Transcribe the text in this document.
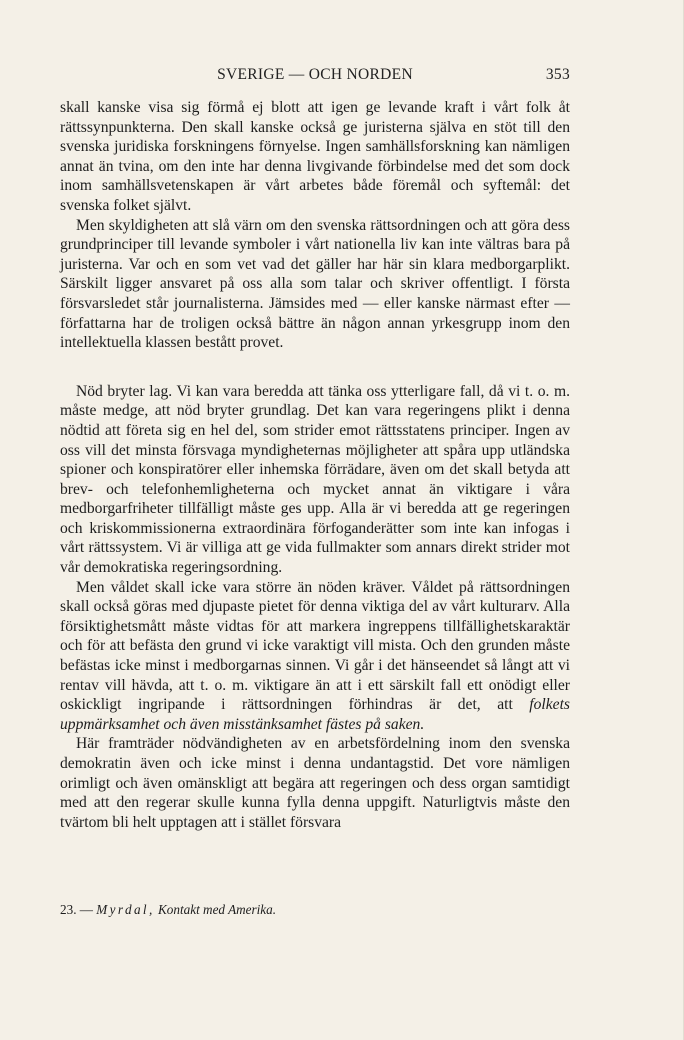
SVERIGE — OCH NORDEN	353

skall kanske visa sig förmå ej blott att igen ge levande kraft i vårt folk åt rättssynpunkterna. Den skall kanske också ge juristerna själva en stöt till den svenska juridiska forskningens förnyelse. Ingen samhällsforskning kan nämligen annat än tvina, om den inte har denna livgivande förbindelse med det som dock inom samhällsvetenskapen är vårt arbetes både föremål och syftemål: det svenska folket självt.

Men skyldigheten att slå värn om den svenska rättsordningen och att göra dess grundprinciper till levande symboler i vårt nationella liv kan inte vältras bara på juristerna. Var och en som vet vad det gäller har här sin klara medborgarplikt. Särskilt ligger ansvaret på oss alla som talar och skriver offentligt. I första försvarsledet står journalisterna. Jämsides med — eller kanske närmast efter — författarna har de troligen också bättre än någon annan yrkesgrupp inom den intellektuella klassen bestått provet.

Nöd bryter lag. Vi kan vara beredda att tänka oss ytterligare fall, då vi t. o. m. måste medge, att nöd bryter grundlag. Det kan vara regeringens plikt i denna nödtid att företa sig en hel del, som strider emot rättsstatens principer. Ingen av oss vill det minsta försvaga myndigheternas möjligheter att spåra upp utländska spioner och konspiratörer eller inhemska förrädare, även om det skall betyda att brev- och telefonhemligheterna och mycket annat än viktigare i våra medborgarfriheter tillfälligt måste ges upp. Alla är vi beredda att ge regeringen och kriskommissionerna extraordinära förfoganderätter som inte kan infogas i vårt rättssystem. Vi är villiga att ge vida fullmakter som annars direkt strider mot vår demokratiska regeringsordning.

Men våldet skall icke vara större än nöden kräver. Våldet på rättsordningen skall också göras med djupaste pietet för denna viktiga del av vårt kulturarv. Alla försiktighetsmått måste vidtas för att markera ingreppens tillfällighetskaraktär och för att befästa den grund vi icke varaktigt vill mista. Och den grunden måste befästas icke minst i medborgarnas sinnen. Vi går i det hänseendet så långt att vi rentav vill hävda, att t. o. m. viktigare än att i ett särskilt fall ett onödigt eller oskickligt ingripande i rättsordningen förhindras är det, att folkets uppmärksamhet och även misstänksamhet fästes på saken.

Här framträder nödvändigheten av en arbetsfördelning inom den svenska demokratin även och icke minst i denna undantagstid. Det vore nämligen orimligt och även omänskligt att begära att regeringen och dess organ samtidigt med att den regerar skulle kunna fylla denna uppgift. Naturligtvis måste den tvärtom bli helt upptagen att i stället försvara

23. — Myrdal, Kontakt med Amerika.
